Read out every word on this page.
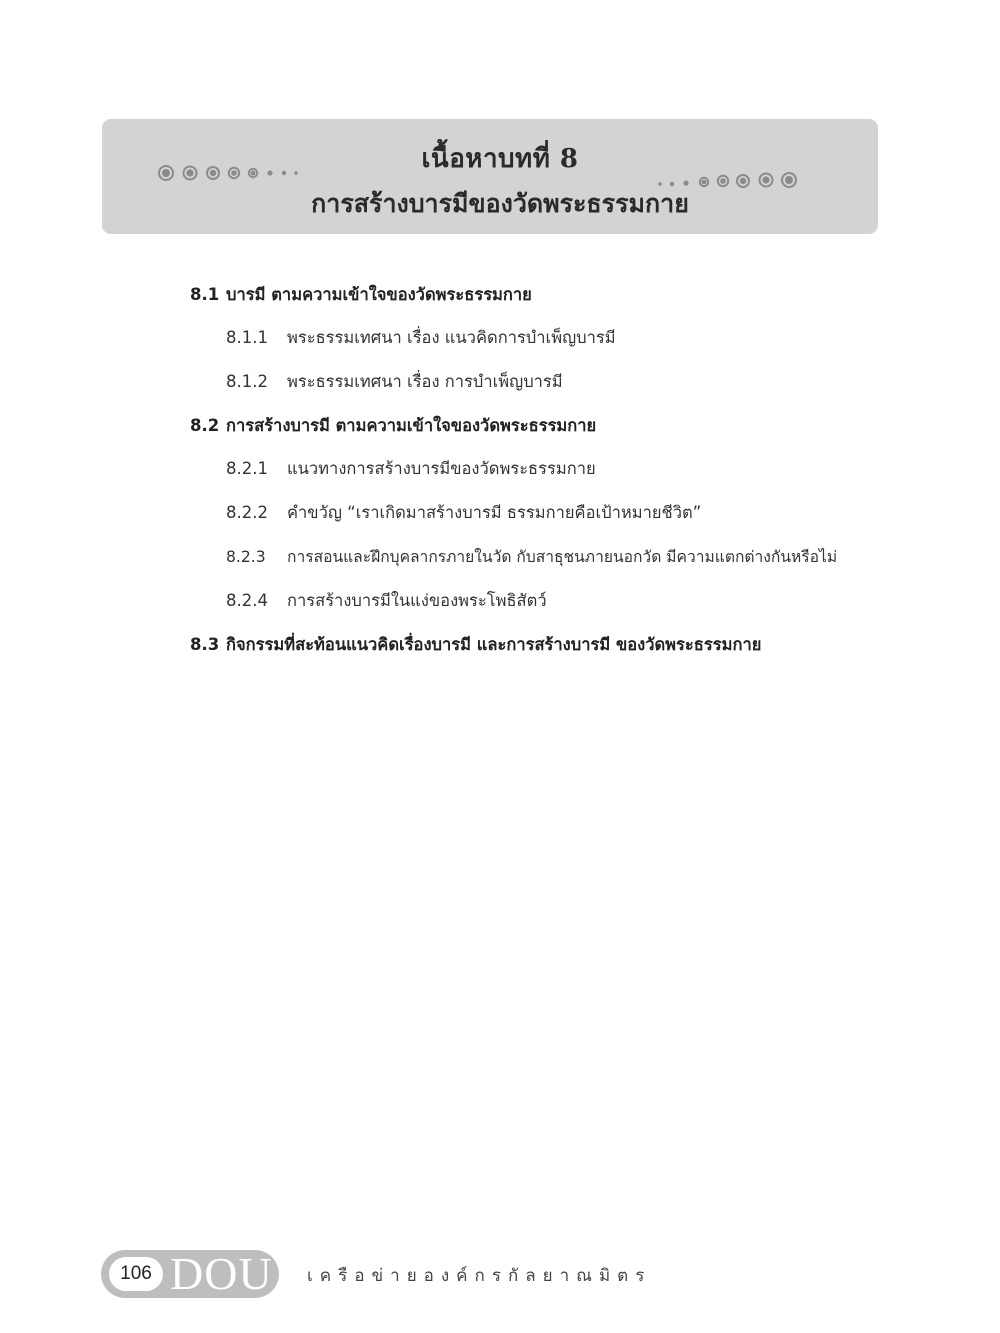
เนื้อหาบทที่ 8
การสร้างบารมีของวัดพระธรรมกาย
8.1 บารมี ตามความเข้าใจของวัดพระธรรมกาย
8.1.1 พระธรรมเทศนา เรื่อง แนวคิดการบำเพ็ญบารมี
8.1.2 พระธรรมเทศนา เรื่อง การบำเพ็ญบารมี
8.2 การสร้างบารมี ตามความเข้าใจของวัดพระธรรมกาย
8.2.1 แนวทางการสร้างบารมีของวัดพระธรรมกาย
8.2.2 คำขวัญ “เราเกิดมาสร้างบารมี ธรรมกายคือเป้าหมายชีวิต”
8.2.3 การสอนและฝึกบุคลากรภายในวัด กับสาธุชนภายนอกวัด มีความแตกต่างกันหรือไม่
8.2.4 การสร้างบารมีในแง่ของพระโพธิสัตว์
8.3 กิจกรรมที่สะท้อนแนวคิดเรื่องบารมี และการสร้างบารมี ของวัดพระธรรมกาย
106 DOU เครือข่ายองค์กรกัลยาณมิตร
